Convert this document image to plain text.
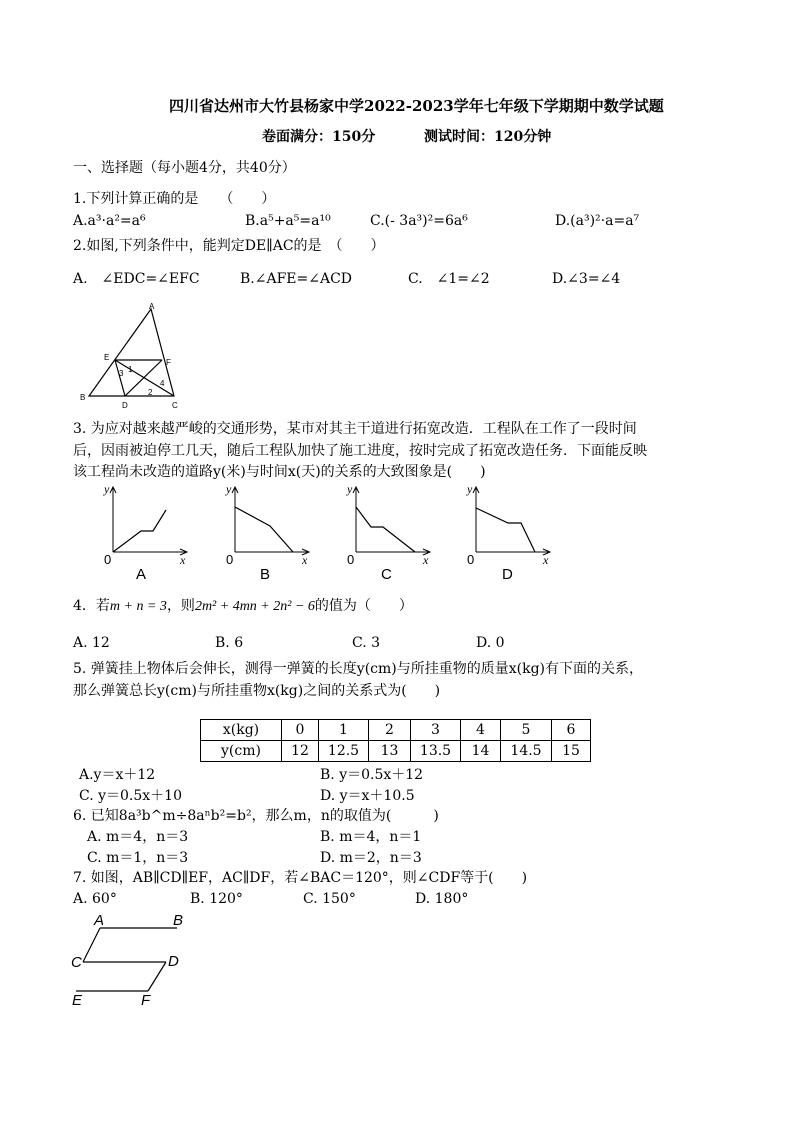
四川省达州市大竹县杨家中学2022-2023学年七年级下学期期中数学试题
卷面满分：150分	测试时间：120分钟
一、选择题（每小题4分，共40分）
1.下列计算正确的是　　（　　）
A.a³·a²=a⁶	B.a⁵+a⁵=a¹⁰	C.(- 3a³)²=6a⁶	D.(a³)²·a=a⁷
2.如图,下列条件中，能判定DE∥AC的是　（　　）
A.　∠EDC=∠EFC	B.∠AFE=∠ACD	C.　∠1=∠2	D.∠3=∠4
A
E
F
B
D	C
1
2
3
4
3. 为应对越来越严峻的交通形势，某市对其主干道进行拓宽改造．工程队在工作了一段时间
后，因雨被迫停工几天，随后工程队加快了施工进度，按时完成了拓宽改造任务．下面能反映
该工程尚未改造的道路y(米)与时间x(天)的关系的大致图象是(　　)
y
x
0
A
y
x
0
B
y
x
0
C
y
x
0
D
4．若m + n = 3，则2m² + 4mn + 2n² − 6的值为（　　）
A. 12	B. 6	C. 3	D. 0
5. 弹簧挂上物体后会伸长，测得一弹簧的长度y(cm)与所挂重物的质量x(kg)有下面的关系，
那么弹簧总长y(cm)与所挂重物x(kg)之间的关系式为(　　)
x(kg)	0	1	2	3	4	5	6
y(cm)	12	12.5	13	13.5	14	14.5	15
A.y＝x＋12	B. y＝0.5x＋12
C. y＝0.5x＋10	D. y＝x＋10.5
6. 已知8a³b^m÷8aⁿb²=b²，那么m，n的取值为(　　　)
A. m＝4，n＝3	B. m＝4，n＝1
C. m＝1，n＝3	D. m＝2，n＝3
7. 如图，AB∥CD∥EF，AC∥DF，若∠BAC＝120°，则∠CDF等于(　　)
A. 60°	B. 120°	C. 150°	D. 180°
A	B
C	D
E	F
